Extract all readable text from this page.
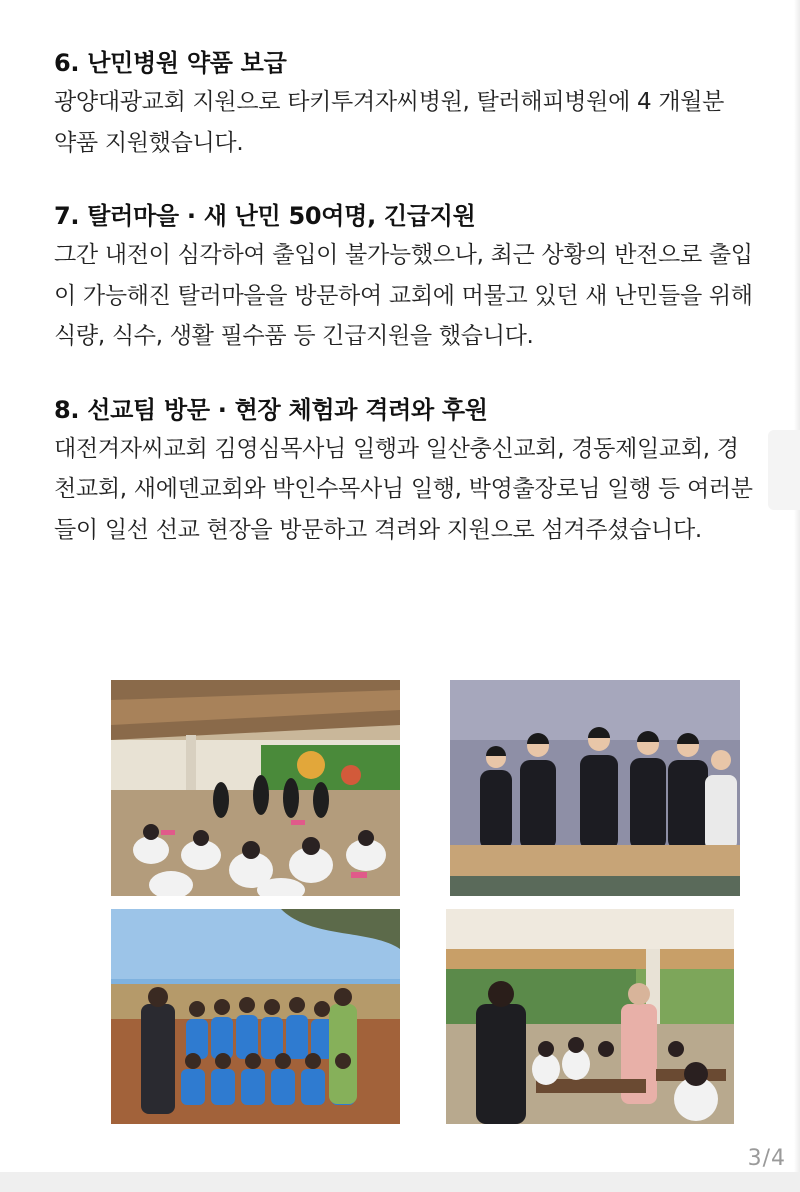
6. 난민병원 약품 보급

광양대광교회 지원으로 타키투겨자씨병원, 탈러해피병원에 4 개월분 약품 지원했습니다.

7. 탈러마을 · 새 난민 50여명, 긴급지원

그간 내전이 심각하여 출입이 불가능했으나, 최근 상황의 반전으로 출입이 가능해진 탈러마을을 방문하여 교회에 머물고 있던 새 난민들을 위해 식량, 식수, 생활 필수품 등 긴급지원을 했습니다.

8. 선교팀 방문 · 현장 체험과 격려와 후원

대전겨자씨교회 김영심목사님 일행과 일산충신교회, 경동제일교회, 경천교회, 새에덴교회와 박인수목사님 일행, 박영출장로님 일행 등 여러분들이 일선 선교 현장을 방문하고 격려와 지원으로 섬겨주셨습니다.

3/4
